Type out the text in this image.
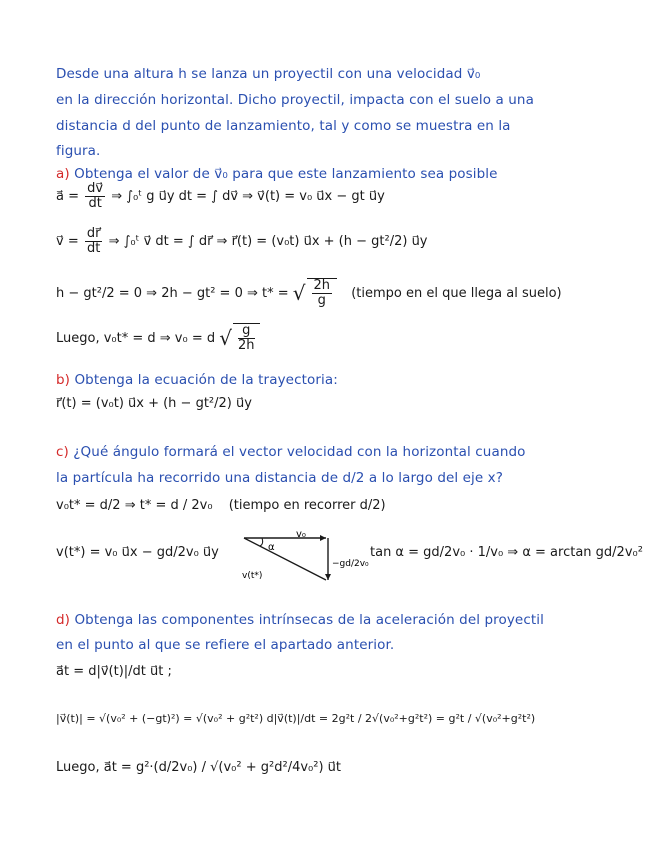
Desde una altura h se lanza un proyectil con una velocidad v⃗₀
en la dirección horizontal. Dicho proyectil, impacta con el suelo a una
distancia d del punto de lanzamiento, tal y como se muestra en la
figura.
a) Obtenga el valor de v⃗₀ para que este lanzamiento sea posible
a⃗ = $\frac{dv⃗}{dt}$ ⇒ ∫₀ᵗ g u⃗y dt = ∫ dv⃗ ⇒ v⃗(t) = v₀ u⃗x − gt u⃗y
v⃗ = $\frac{dr⃗}{dt}$ ⇒ ∫₀ᵗ v⃗ dt = ∫ dr⃗ ⇒ r⃗(t) = (v₀t) u⃗x + (h − gt²/2) u⃗y
h − gt²/2 = 0 ⇒ 2h − gt² = 0 ⇒ t* = √ $\frac{2h}{g}$ (tiempo en el que llega al suelo)
Luego, v₀t* = d ⇒ v₀ = d √ $\frac{g}{2h}$
b) Obtenga la ecuación de la trayectoria:
r⃗(t) = (v₀t) u⃗x + (h − gt²/2) u⃗y
c) ¿Qué ángulo formará el vector velocidad con la horizontal cuando
la partícula ha recorrido una distancia de d/2 a lo largo del eje x?
v₀t* = d/2 ⇒ t* = d / 2v₀ (tiempo en recorrer d/2)
v(t*) = v₀ u⃗x − gd/2v₀ u⃗y
v₀
α
v(t*)
−gd/2v₀
tan α = gd/2v₀ · 1/v₀ ⇒ α = arctan gd/2v₀²
d) Obtenga las componentes intrínsecas de la aceleración del proyectil
en el punto al que se refiere el apartado anterior.
a⃗t = d|v⃗(t)|/dt u⃗t ;
|v⃗(t)| = √(v₀² + (−gt)²) = √(v₀² + g²t²) d|v⃗(t)|/dt = 2g²t / 2√(v₀²+g²t²) = g²t / √(v₀²+g²t²)
Luego, a⃗t = g²·(d/2v₀) / √(v₀² + g²d²/4v₀²) u⃗t
